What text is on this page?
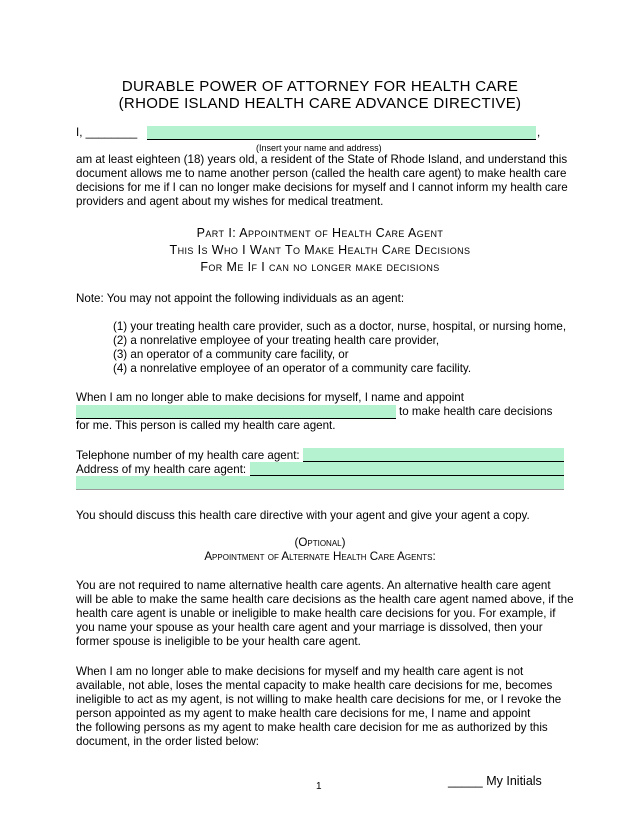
DURABLE POWER OF ATTORNEY FOR HEALTH CARE
(RHODE ISLAND HEALTH CARE ADVANCE DIRECTIVE)
I, ________	,
(Insert your name and address)
am at least eighteen (18) years old, a resident of the State of Rhode Island, and understand this
document allows me to name another person (called the health care agent) to make health care
decisions for me if I can no longer make decisions for myself and I cannot inform my health care
providers and agent about my wishes for medical treatment.
Part I: Appointment of Health Care Agent
This Is Who I Want To Make Health Care Decisions
For Me If I can no longer make decisions
Note: You may not appoint the following individuals as an agent:
(1) your treating health care provider, such as a doctor, nurse, hospital, or nursing home,
(2) a nonrelative employee of your treating health care provider,
(3) an operator of a community care facility, or
(4) a nonrelative employee of an operator of a community care facility.
When I am no longer able to make decisions for myself, I name and appoint
to make health care decisions
for me. This person is called my health care agent.
Telephone number of my health care agent:
Address of my health care agent:
You should discuss this health care directive with your agent and give your agent a copy.
(Optional)
Appointment of Alternate Health Care Agents:
You are not required to name alternative health care agents. An alternative health care agent
will be able to make the same health care decisions as the health care agent named above, if the
health care agent is unable or ineligible to make health care decisions for you. For example, if
you name your spouse as your health care agent and your marriage is dissolved, then your
former spouse is ineligible to be your health care agent.
When I am no longer able to make decisions for myself and my health care agent is not
available, not able, loses the mental capacity to make health care decisions for me, becomes
ineligible to act as my agent, is not willing to make health care decisions for me, or I revoke the
person appointed as my agent to make health care decisions for me, I name and appoint
the following persons as my agent to make health care decision for me as authorized by this
document, in the order listed below:
1	_____ My Initials
